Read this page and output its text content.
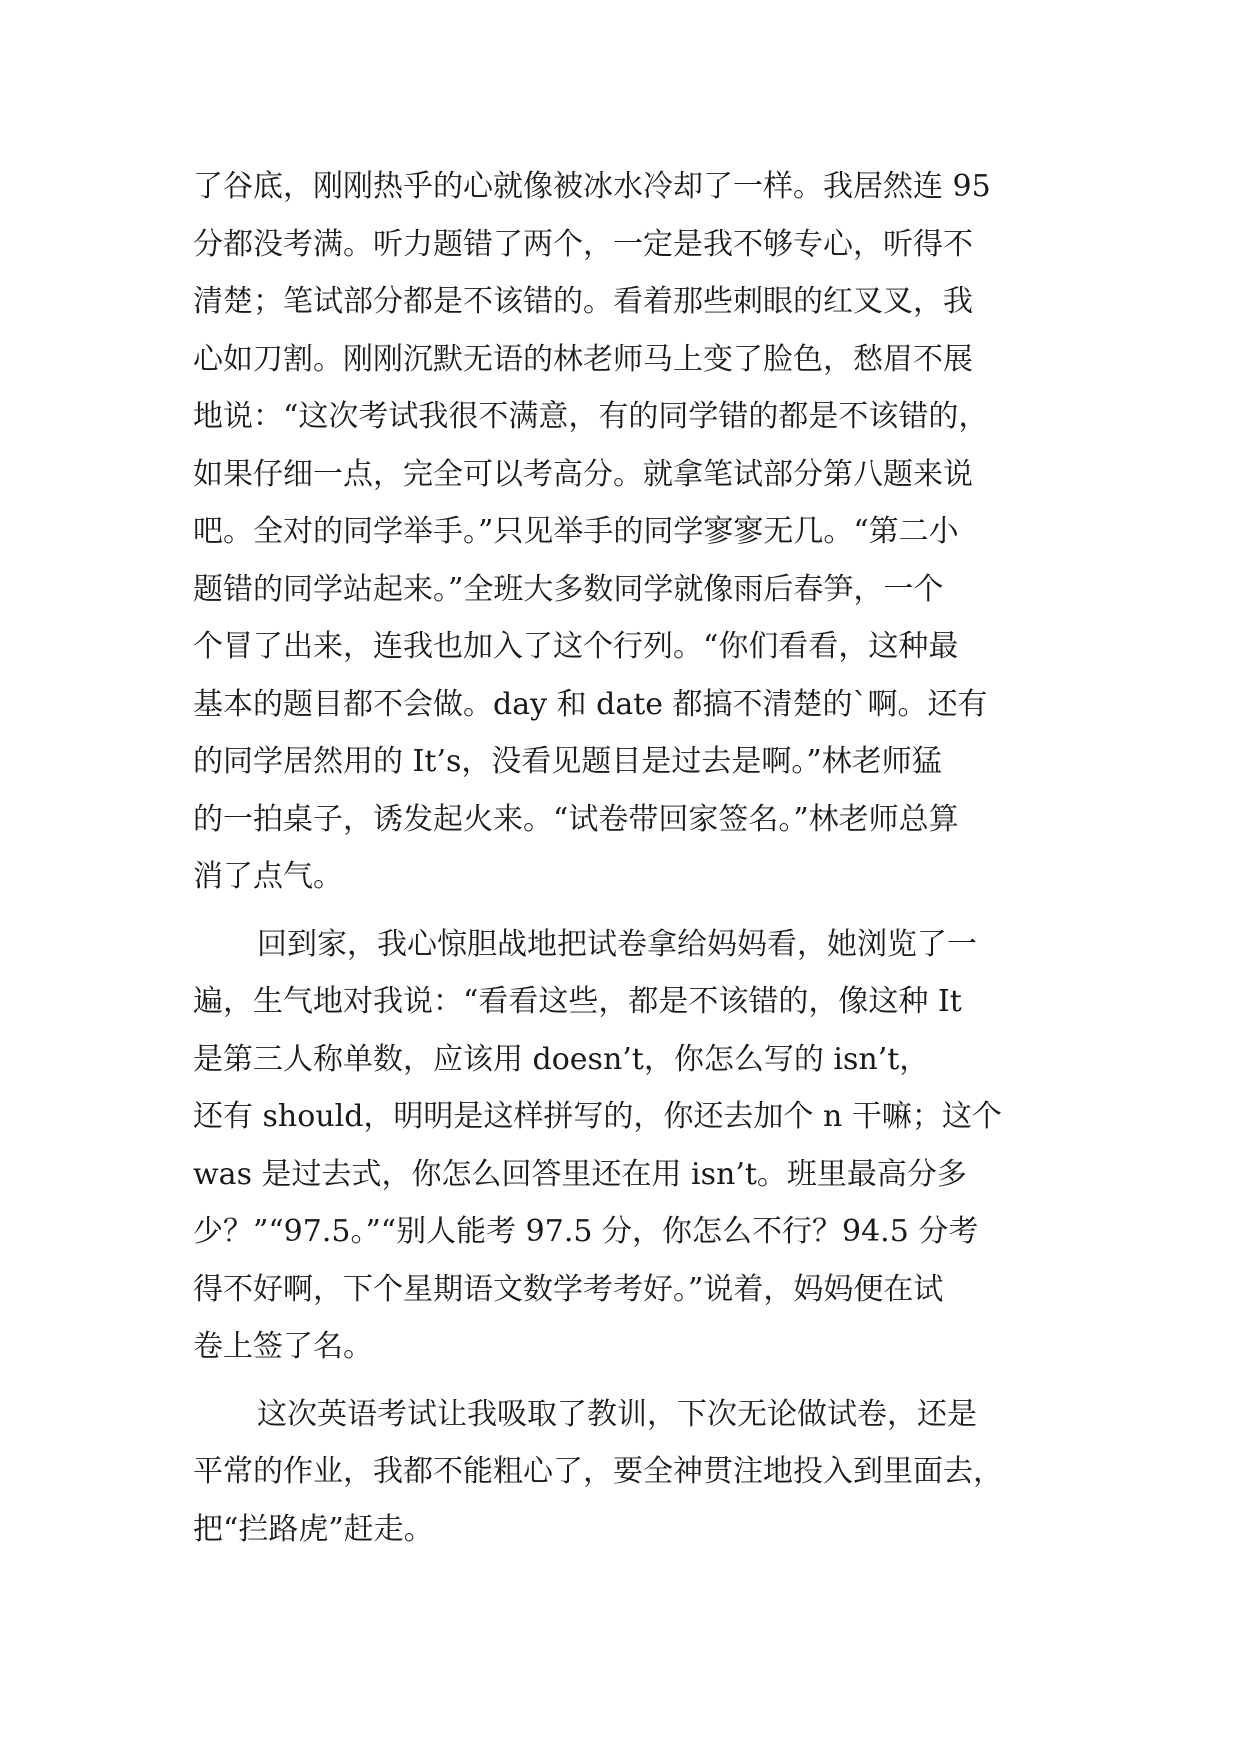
了谷底，刚刚热乎的心就像被冰水冷却了一样。我居然连 95
分都没考满。听力题错了两个，一定是我不够专心，听得不
清楚；笔试部分都是不该错的。看着那些刺眼的红叉叉，我
心如刀割。刚刚沉默无语的林老师马上变了脸色，愁眉不展
地说：“这次考试我很不满意，有的同学错的都是不该错的，
如果仔细一点，完全可以考高分。就拿笔试部分第八题来说
吧。全对的同学举手。”只见举手的同学寥寥无几。“第二小
题错的同学站起来。”全班大多数同学就像雨后春笋，一个
个冒了出来，连我也加入了这个行列。“你们看看，这种最
基本的题目都不会做。day 和 date 都搞不清楚的`啊。还有
的同学居然用的 It’s，没看见题目是过去是啊。”林老师猛
的一拍桌子，诱发起火来。“试卷带回家签名。”林老师总算
消了点气。
回到家，我心惊胆战地把试卷拿给妈妈看，她浏览了一
遍，生气地对我说：“看看这些，都是不该错的，像这种 It
是第三人称单数，应该用 doesn’t，你怎么写的 isn’t，
还有 should，明明是这样拼写的，你还去加个 n 干嘛；这个
was 是过去式，你怎么回答里还在用 isn’t。班里最高分多
少？”“97.5。”“别人能考 97.5 分，你怎么不行？94.5 分考
得不好啊，下个星期语文数学考考好。”说着，妈妈便在试
卷上签了名。
这次英语考试让我吸取了教训，下次无论做试卷，还是
平常的作业，我都不能粗心了，要全神贯注地投入到里面去，
把“拦路虎”赶走。
